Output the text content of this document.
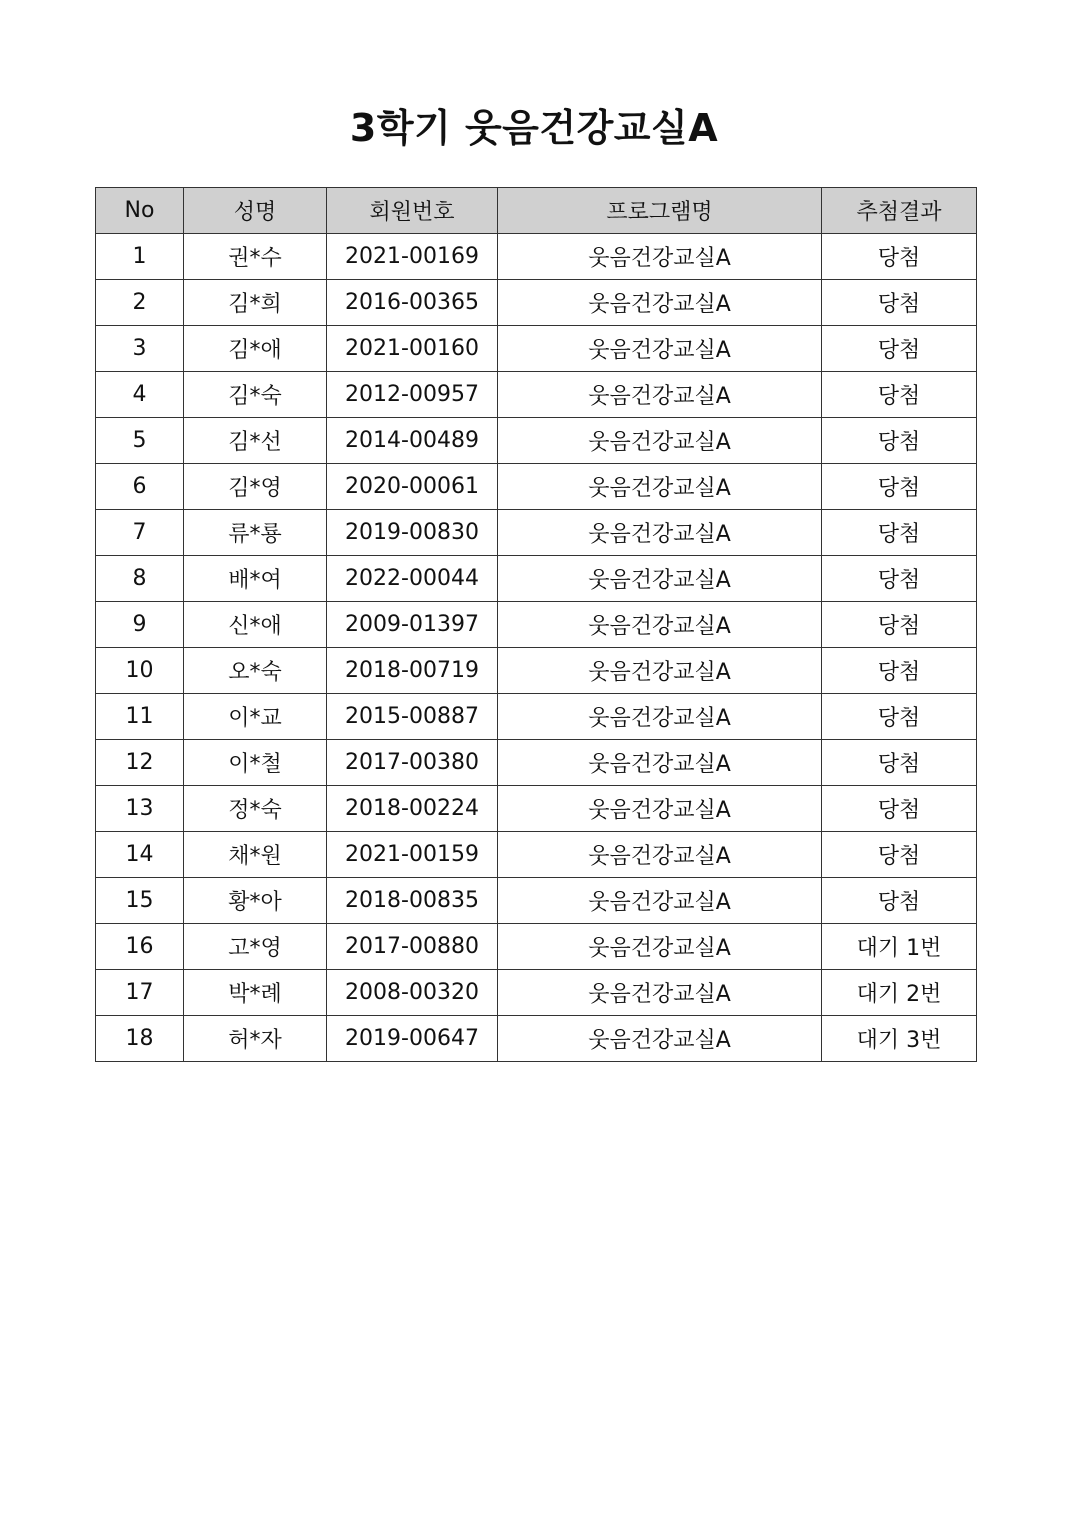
3학기 웃음건강교실A
No	성명	회원번호	프로그램명	추첨결과
1	권*수	2021-00169	웃음건강교실A	당첨
2	김*희	2016-00365	웃음건강교실A	당첨
3	김*애	2021-00160	웃음건강교실A	당첨
4	김*숙	2012-00957	웃음건강교실A	당첨
5	김*선	2014-00489	웃음건강교실A	당첨
6	김*영	2020-00061	웃음건강교실A	당첨
7	류*룡	2019-00830	웃음건강교실A	당첨
8	배*여	2022-00044	웃음건강교실A	당첨
9	신*애	2009-01397	웃음건강교실A	당첨
10	오*숙	2018-00719	웃음건강교실A	당첨
11	이*교	2015-00887	웃음건강교실A	당첨
12	이*철	2017-00380	웃음건강교실A	당첨
13	정*숙	2018-00224	웃음건강교실A	당첨
14	채*원	2021-00159	웃음건강교실A	당첨
15	황*아	2018-00835	웃음건강교실A	당첨
16	고*영	2017-00880	웃음건강교실A	대기 1번
17	박*례	2008-00320	웃음건강교실A	대기 2번
18	허*자	2019-00647	웃음건강교실A	대기 3번
